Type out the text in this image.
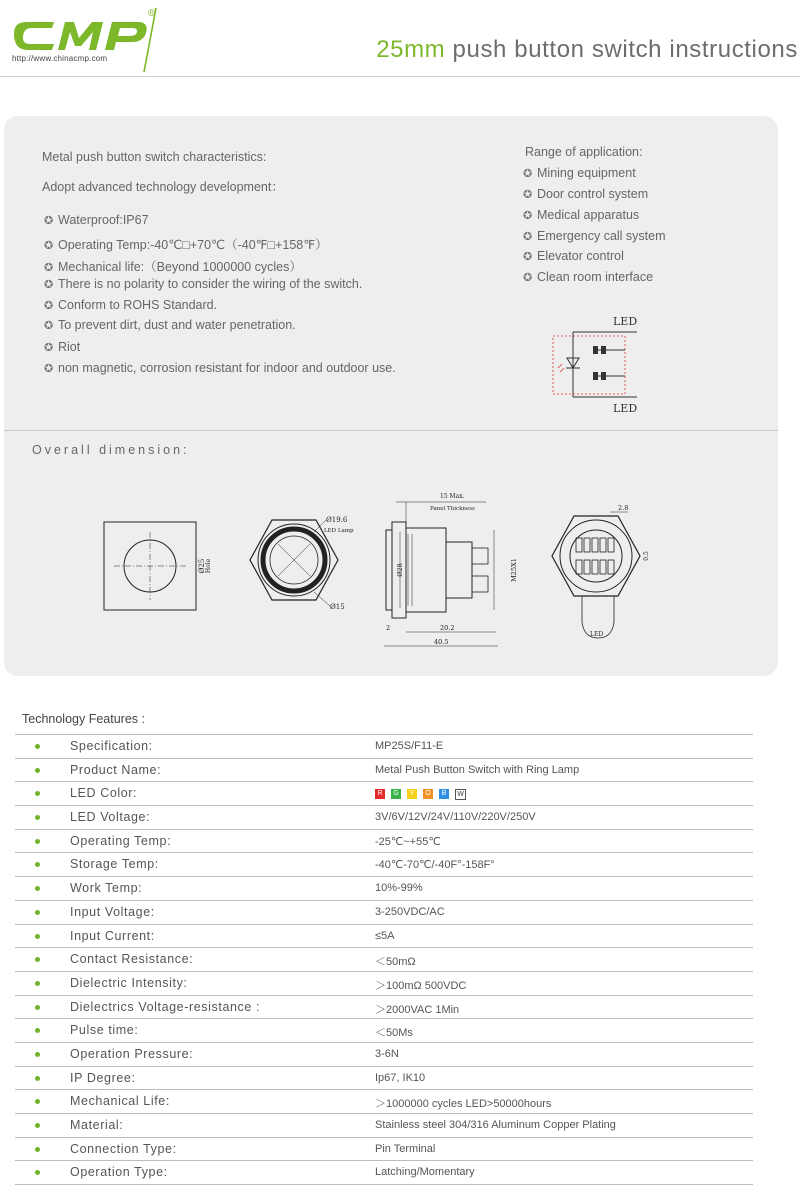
®
http://www.chinacmp.com	25mm push button switch instructions
Metal push button switch characteristics:
Adopt advanced technology development：
✪ Waterproof:IP67
✪ Operating Temp:-40℃□+70℃（-40℉□+158℉）
✪ Mechanical life:（Beyond 1000000 cycles）
✪ There is no polarity to consider the wiring of the switch.
✪ Conform to ROHS Standard.
✪ To prevent dirt, dust and water penetration.
✪ Riot
✪ non magnetic, corrosion resistant for indoor and outdoor use.
Range of application:
✪ Mining equipment
✪ Door control system
✪ Medical apparatus
✪ Emergency call system
✪ Elevator control
✪ Clean room interface
LED
LED
Overall dimension:
Ø25 Hole
Ø19.6
LED Lamp
Ø15
15 Max.
Panel Thickness
Ø28	M25X1
20.2
2
40.5
2.8
0.5
LED
Technology Features :
Specification:	MP25S/F11-E
Product Name:	Metal Push Button Switch with Ring Lamp
LED Color:	R G Y O B W
LED Voltage:	3V/6V/12V/24V/110V/220V/250V
Operating Temp:	-25℃~+55℃
Storage Temp:	-40℃-70℃/-40F°-158F°
Work Temp:	10%-99%
Input Voltage:	3-250VDC/AC
Input Current:	≤5A
Contact Resistance:	＜50mΩ
Dielectric Intensity:	＞100mΩ 500VDC
Dielectrics Voltage-resistance :	＞2000VAC 1Min
Pulse time:	＜50Ms
Operation Pressure:	3-6N
IP Degree:	Ip67, IK10
Mechanical Life:	＞1000000 cycles LED>50000hours
Material:	Stainless steel 304/316 Aluminum Copper Plating
Connection Type:	Pin Terminal
Operation Type:	Latching/Momentary
